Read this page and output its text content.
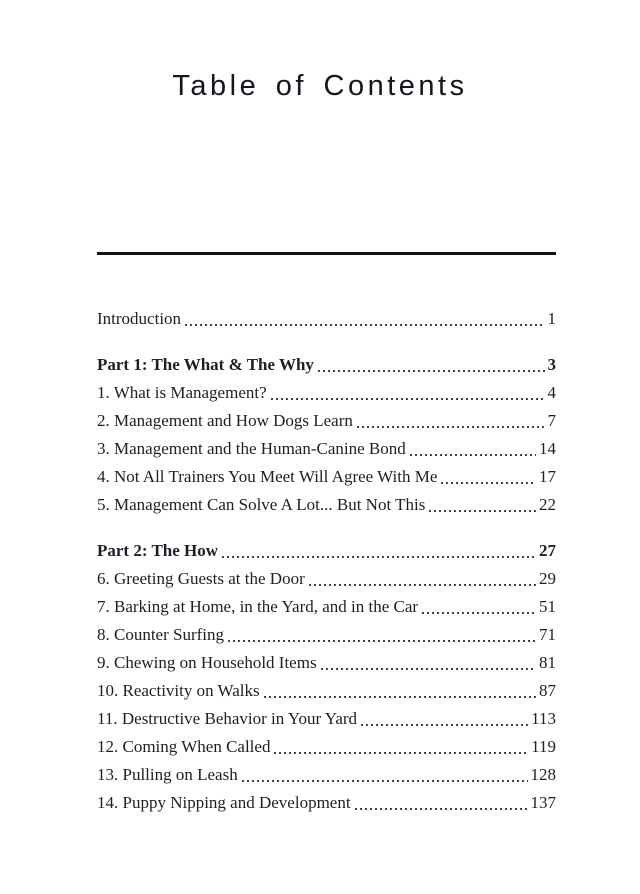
Table of Contents
Introduction	1
Part 1: The What & The Why	3
1. What is Management?	4
2. Management and How Dogs Learn	7
3. Management and the Human-Canine Bond	14
4. Not All Trainers You Meet Will Agree With Me	17
5. Management Can Solve A Lot... But Not This	22
Part 2: The How	27
6. Greeting Guests at the Door	29
7. Barking at Home, in the Yard, and in the Car	51
8. Counter Surfing	71
9. Chewing on Household Items	81
10. Reactivity on Walks	87
11. Destructive Behavior in Your Yard	113
12. Coming When Called	119
13. Pulling on Leash	128
14. Puppy Nipping and Development	137
